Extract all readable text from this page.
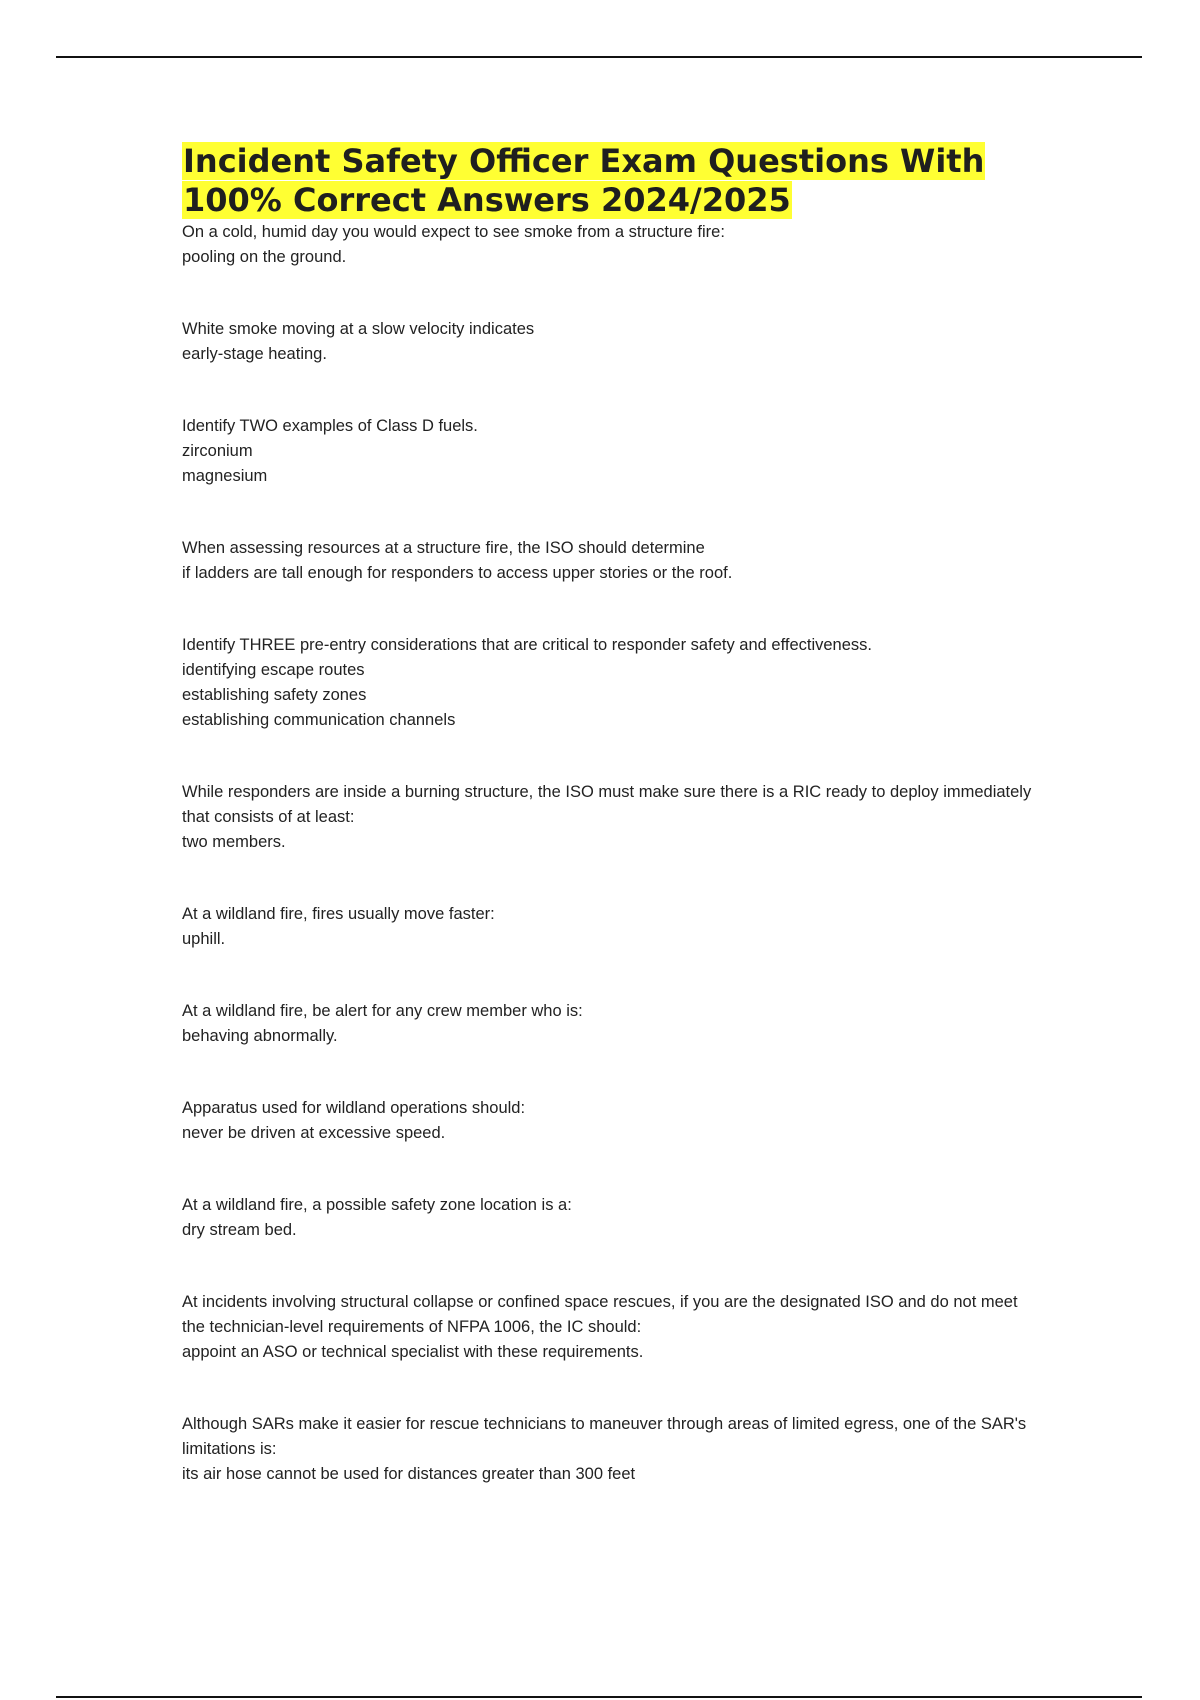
Incident Safety Officer Exam Questions With 100% Correct Answers 2024/2025
On a cold, humid day you would expect to see smoke from a structure fire:
pooling on the ground.
White smoke moving at a slow velocity indicates
early-stage heating.
Identify TWO examples of Class D fuels.
zirconium
magnesium
When assessing resources at a structure fire, the ISO should determine
if ladders are tall enough for responders to access upper stories or the roof.
Identify THREE pre-entry considerations that are critical to responder safety and effectiveness.
identifying escape routes
establishing safety zones
establishing communication channels
While responders are inside a burning structure, the ISO must make sure there is a RIC ready to deploy immediately that consists of at least:
two members.
At a wildland fire, fires usually move faster:
uphill.
At a wildland fire, be alert for any crew member who is:
behaving abnormally.
Apparatus used for wildland operations should:
never be driven at excessive speed.
At a wildland fire, a possible safety zone location is a:
dry stream bed.
At incidents involving structural collapse or confined space rescues, if you are the designated ISO and do not meet the technician-level requirements of NFPA 1006, the IC should:
appoint an ASO or technical specialist with these requirements.
Although SARs make it easier for rescue technicians to maneuver through areas of limited egress, one of the SAR's limitations is:
its air hose cannot be used for distances greater than 300 feet
